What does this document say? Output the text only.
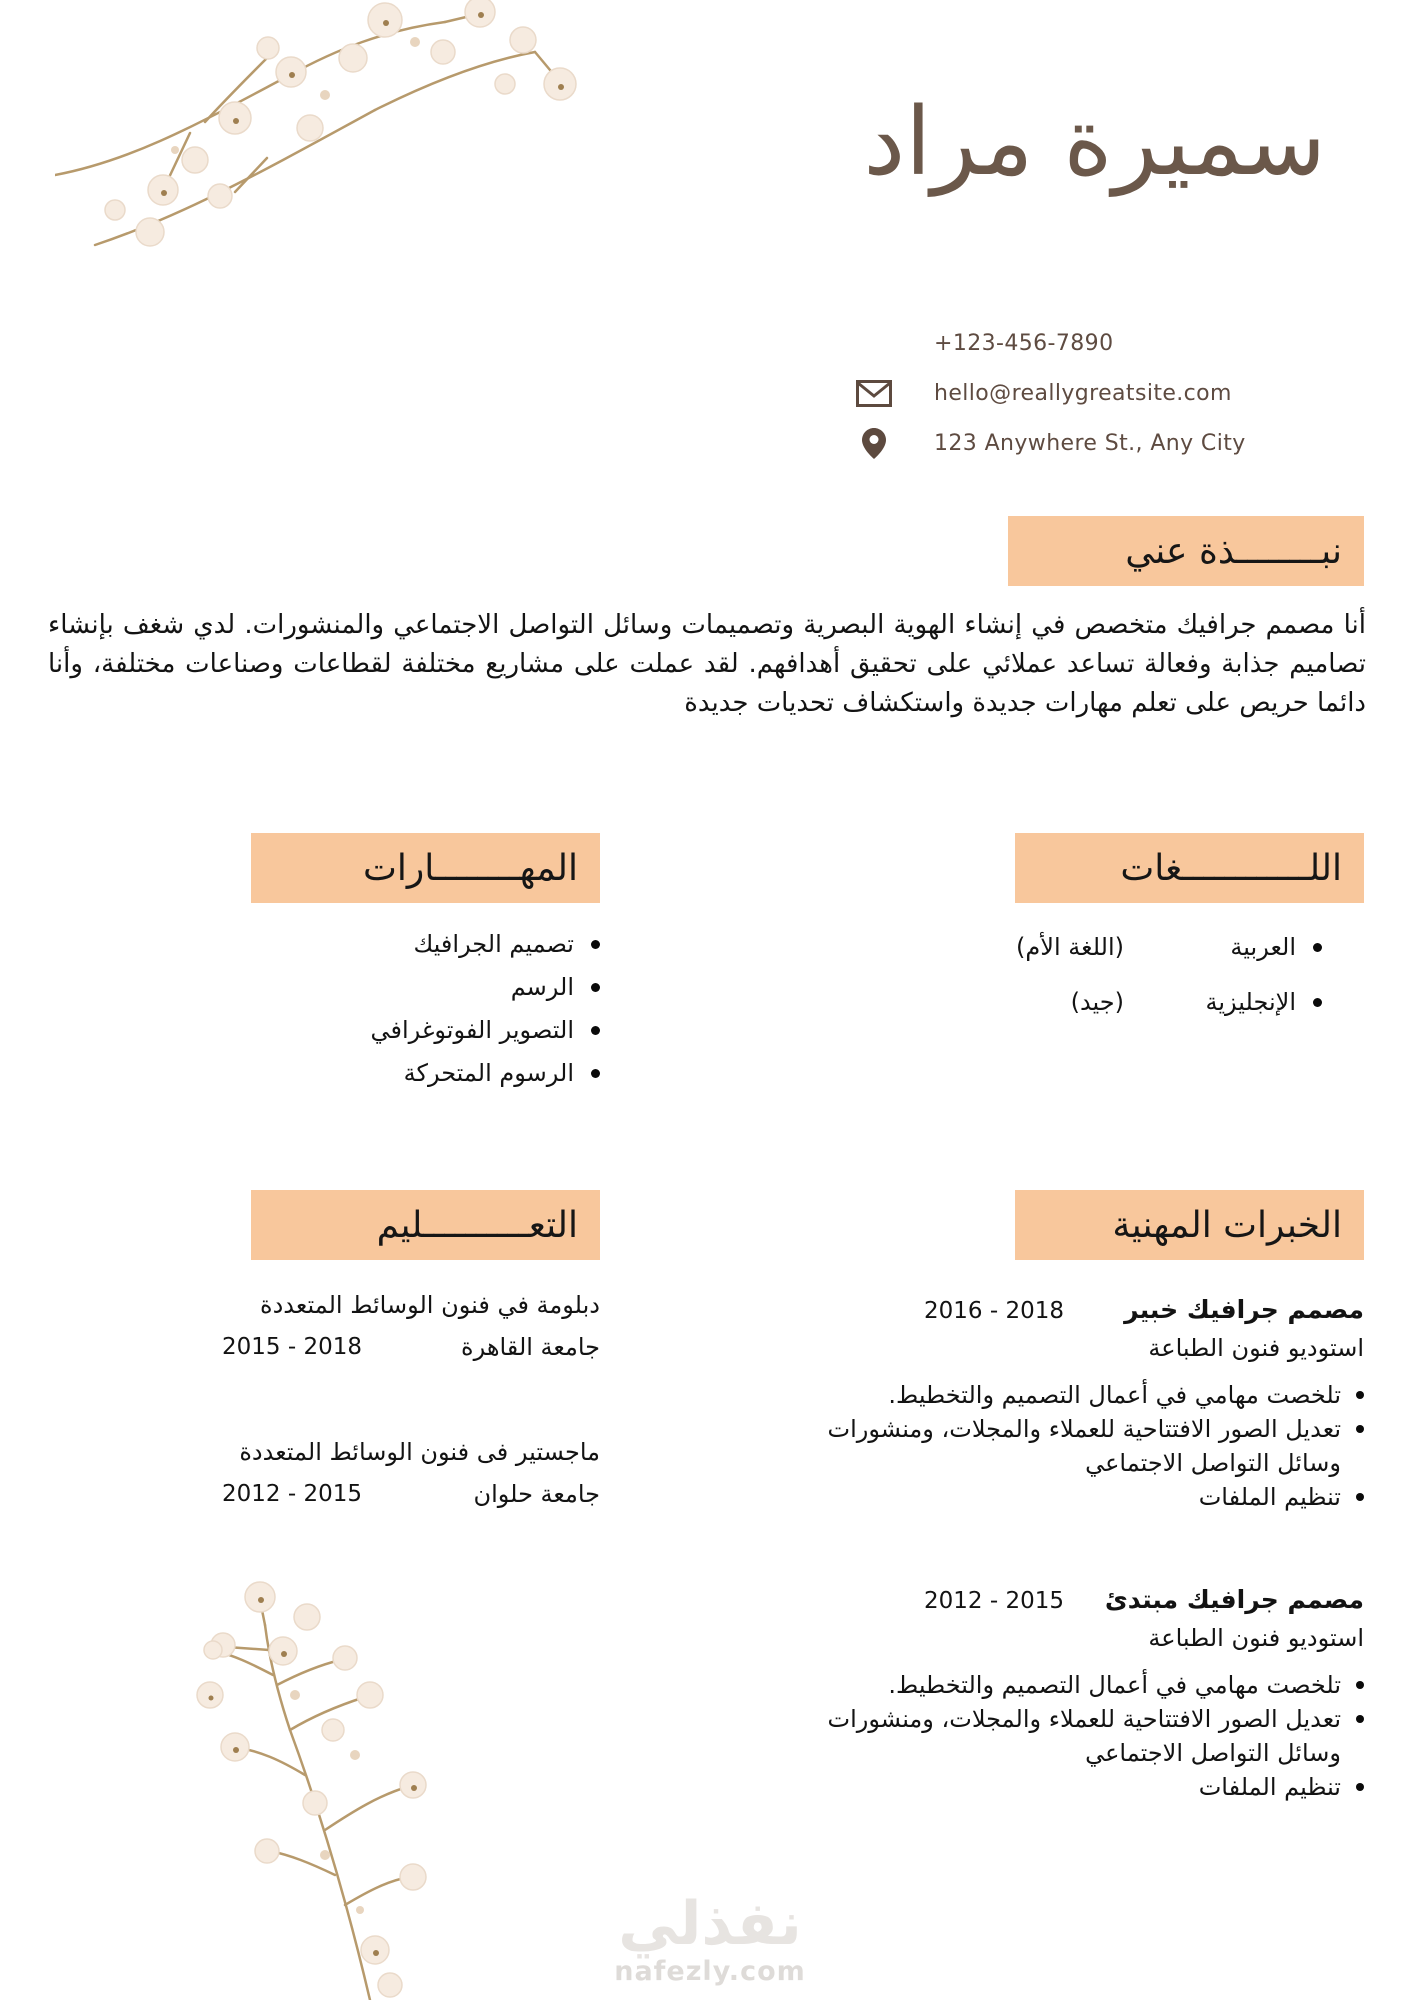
سميرة مراد
+123-456-7890
hello@reallygreatsite.com
123 Anywhere St., Any City
نبــــــــذة عني

أنا مصمم جرافيك متخصص في إنشاء الهوية البصرية وتصميمات وسائل التواصل الاجتماعي والمنشورات. لدي شغف بإنشاء تصاميم جذابة وفعالة تساعد عملائي على تحقيق أهدافهم. لقد عملت على مشاريع مختلفة لقطاعات وصناعات مختلفة، وأنا دائما حريص على تعلم مهارات جديدة واستكشاف تحديات جديدة

المهــــــــارات
تصميم الجرافيك
الرسم
التصوير الفوتوغرافي
الرسوم المتحركة
اللــــــــــــغات
العربية
(اللغة الأم)
الإنجليزية
(جيد)
التعــــــــــليم
دبلومة في فنون الوسائط المتعددة
جامعة القاهرة
2015 - 2018
ماجستير فى فنون الوسائط المتعددة
جامعة حلوان
2012 - 2015
الخبرات المهنية
مصمم جرافيك خبير
2016 - 2018
استوديو فنون الطباعة
تلخصت مهامي في أعمال التصميم والتخطيط.
تعديل الصور الافتتاحية للعملاء والمجلات، ومنشورات وسائل التواصل الاجتماعي
تنظيم الملفات
مصمم جرافيك مبتدئ
2012 - 2015
استوديو فنون الطباعة
تلخصت مهامي في أعمال التصميم والتخطيط.
تعديل الصور الافتتاحية للعملاء والمجلات، ومنشورات وسائل التواصل الاجتماعي
تنظيم الملفات
نفذلي
nafezly.com
